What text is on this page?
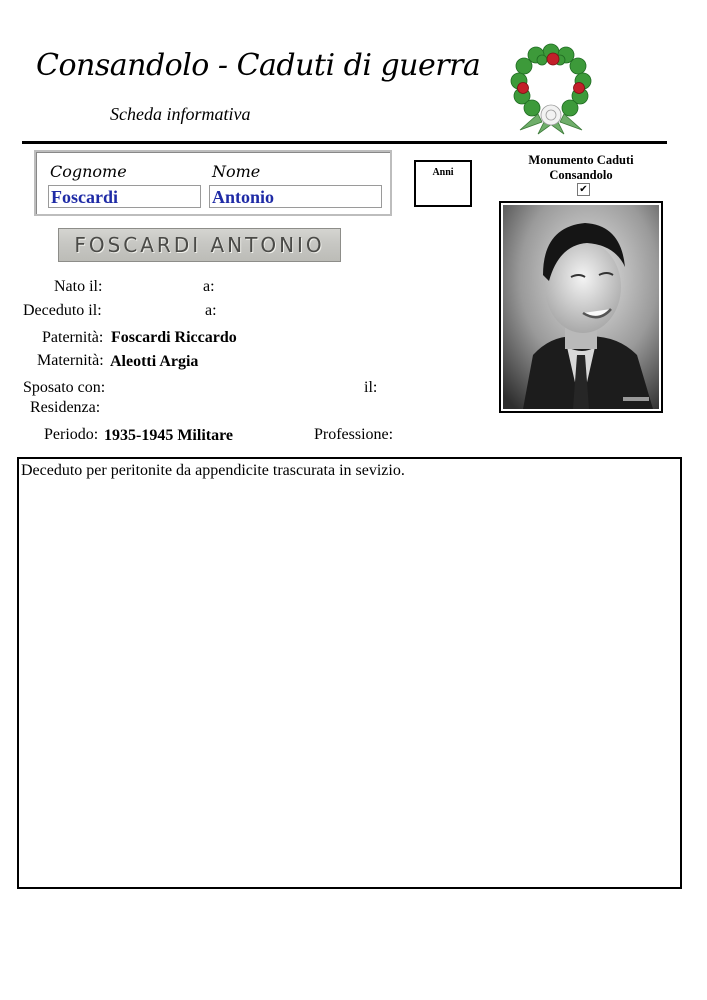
Consandolo - Caduti di guerra
Scheda informativa
Cognome	Nome
Foscardi	Antonio
Anni
Monumento Caduti Consandolo
✔
FOSCARDI ANTONIO
Nato il:	a:
Deceduto il:	a:
Paternità: Foscardi Riccardo
Maternità: Aleotti Argia
Sposato con:	il:
Residenza:
Periodo: 1935-1945 Militare	Professione:
Deceduto per peritonite da appendicite trascurata in sevizio.
